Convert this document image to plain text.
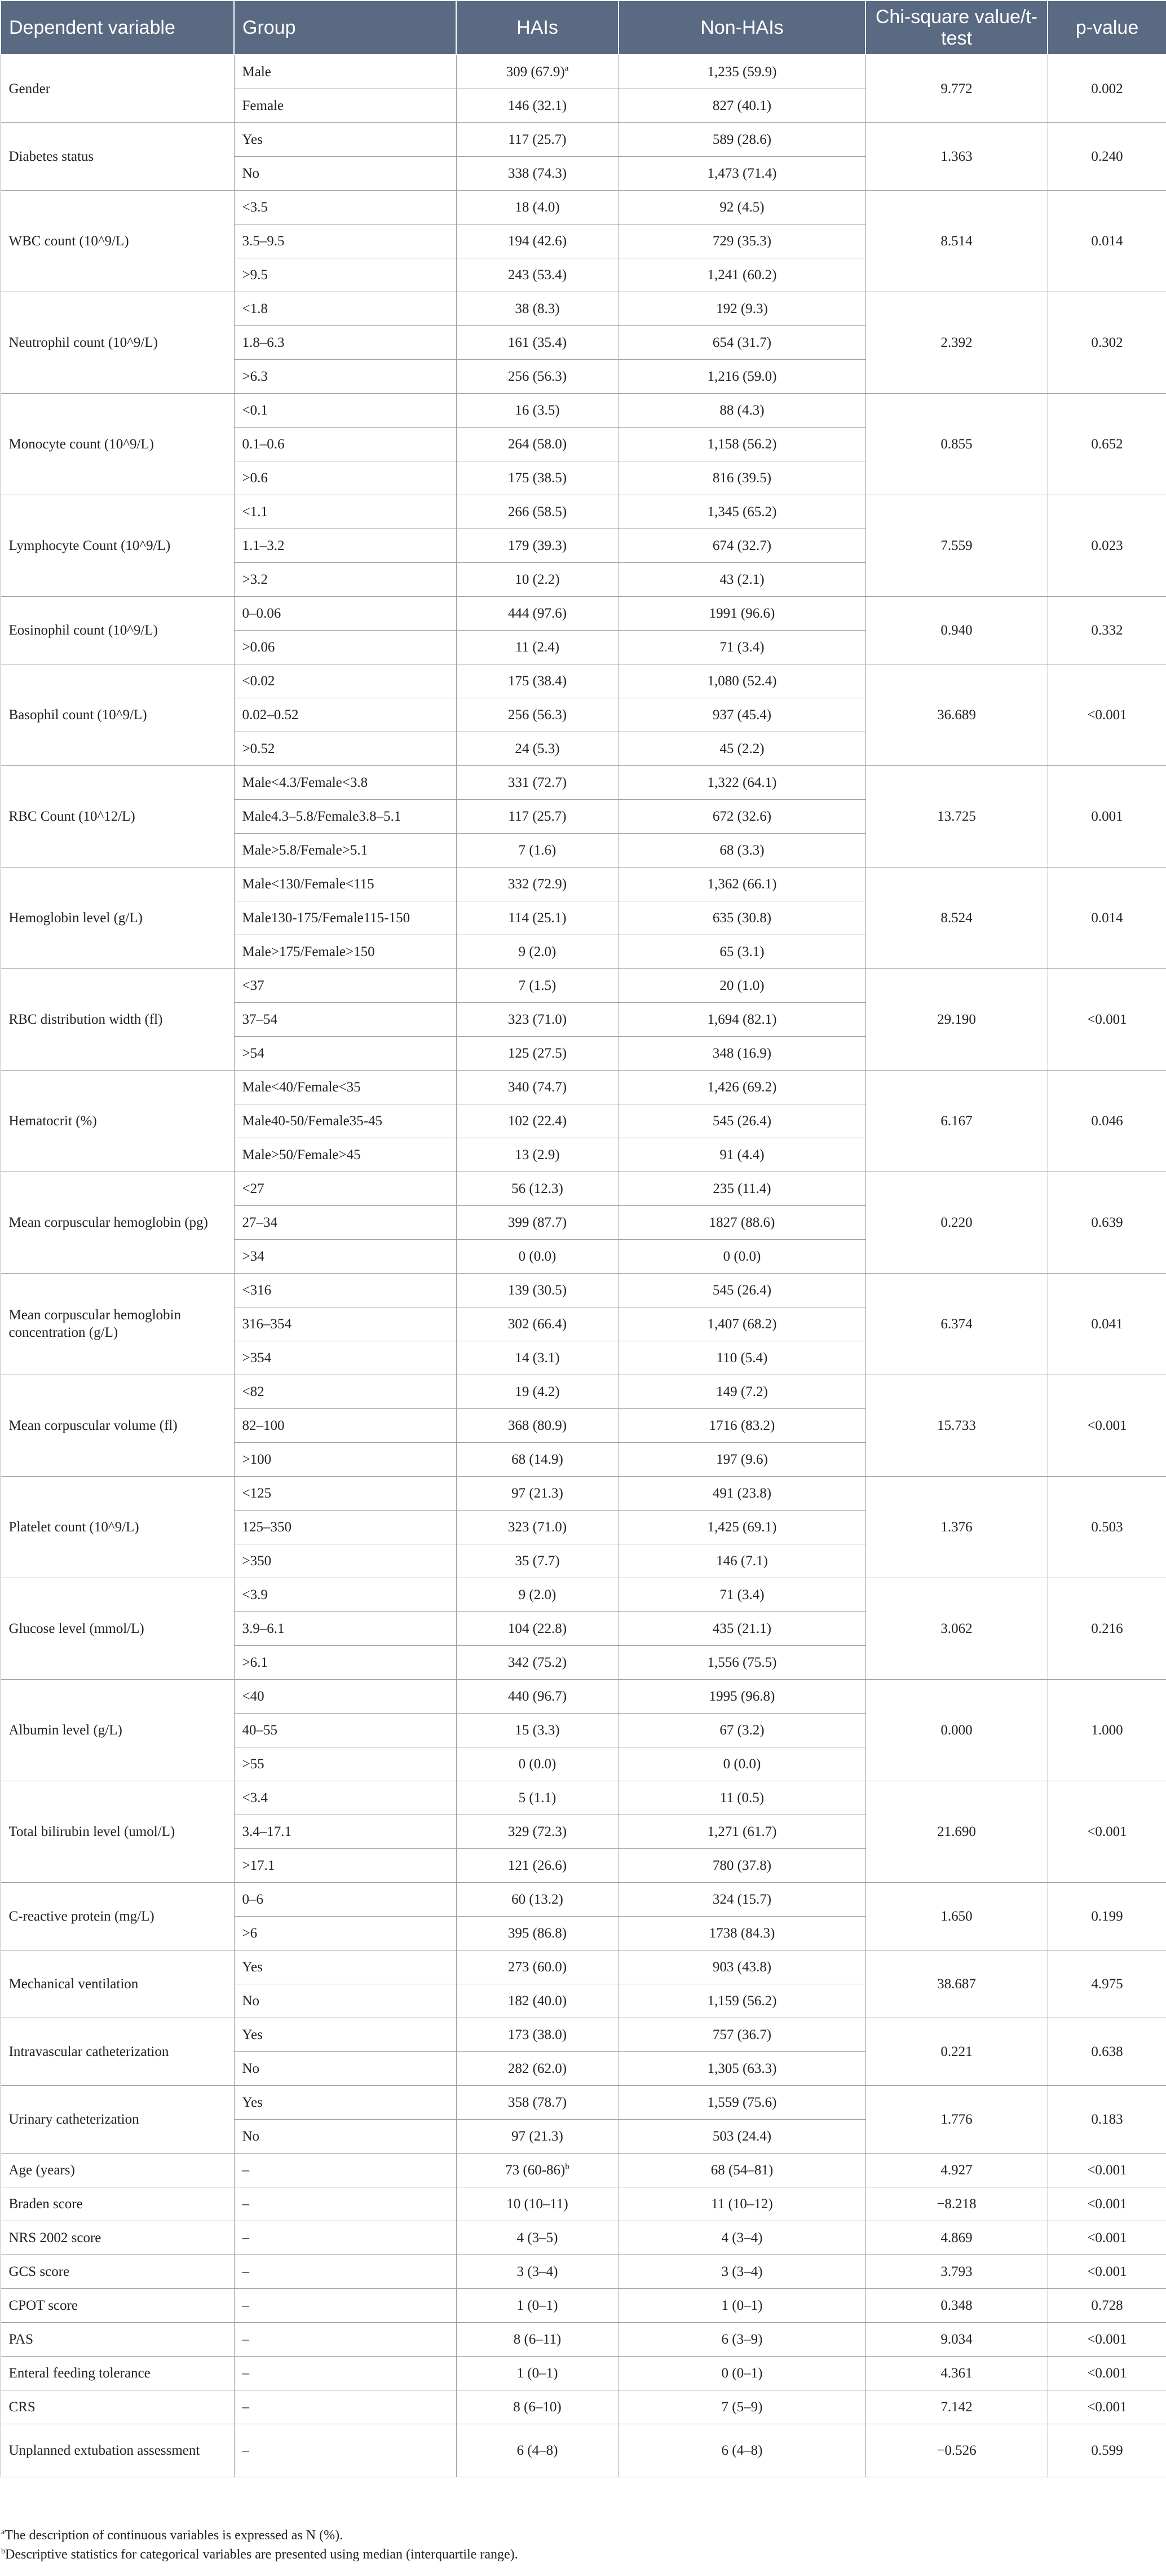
Dependent variable	Group	HAIs	Non-HAIs	Chi-square value/t-test	p-value
Gender	Male	309 $(67.9)^a$	1,235 (59.9)	9.772	0.002
	Female	146 (32.1)	827 (40.1)		
Diabetes status	Yes	117 (25.7)	589 (28.6)	1.363	0.240
	No	338 (74.3)	1,473 (71.4)		
WBC count (10^9/L)	<3.5	18 (4.0)	92 (4.5)	8.514	0.014
	3.5–9.5	194 (42.6)	729 (35.3)		
	>9.5	243 (53.4)	1,241 (60.2)		
Neutrophil count (10^9/L)	<1.8	38 (8.3)	192 (9.3)	2.392	0.302
	1.8–6.3	161 (35.4)	654 (31.7)		
	>6.3	256 (56.3)	1,216 (59.0)		
Monocyte count (10^9/L)	<0.1	16 (3.5)	88 (4.3)	0.855	0.652
	0.1–0.6	264 (58.0)	1,158 (56.2)		
	>0.6	175 (38.5)	816 (39.5)		
Lymphocyte Count (10^9/L)	<1.1	266 (58.5)	1,345 (65.2)	7.559	0.023
	1.1–3.2	179 (39.3)	674 (32.7)		
	>3.2	10 (2.2)	43 (2.1)		
Eosinophil count (10^9/L)	0–0.06	444 (97.6)	1991 (96.6)	0.940	0.332
	>0.06	11 (2.4)	71 (3.4)		
Basophil count (10^9/L)	<0.02	175 (38.4)	1,080 (52.4)	36.689	<0.001
	0.02–0.52	256 (56.3)	937 (45.4)		
	>0.52	24 (5.3)	45 (2.2)		
RBC Count (10^12/L)	Male<4.3/Female<3.8	331 (72.7)	1,322 (64.1)	13.725	0.001
	Male4.3–5.8/Female3.8–5.1	117 (25.7)	672 (32.6)		
	Male>5.8/Female>5.1	7 (1.6)	68 (3.3)		
Hemoglobin level (g/L)	Male<130/Female<115	332 (72.9)	1,362 (66.1)	8.524	0.014
	Male130-175/Female115-150	114 (25.1)	635 (30.8)		
	Male>175/Female>150	9 (2.0)	65 (3.1)		
RBC distribution width (fl)	<37	7 (1.5)	20 (1.0)	29.190	<0.001
	37–54	323 (71.0)	1,694 (82.1)		
	>54	125 (27.5)	348 (16.9)		
Hematocrit (%)	Male<40/Female<35	340 (74.7)	1,426 (69.2)	6.167	0.046
	Male40-50/Female35-45	102 (22.4)	545 (26.4)		
	Male>50/Female>45	13 (2.9)	91 (4.4)		
Mean corpuscular hemoglobin (pg)	<27	56 (12.3)	235 (11.4)	0.220	0.639
	27–34	399 (87.7)	1827 (88.6)		
	>34	0 (0.0)	0 (0.0)		
Mean corpuscular hemoglobin concentration (g/L)	<316	139 (30.5)	545 (26.4)	6.374	0.041
	316–354	302 (66.4)	1,407 (68.2)		
	>354	14 (3.1)	110 (5.4)		
Mean corpuscular volume (fl)	<82	19 (4.2)	149 (7.2)	15.733	<0.001
	82–100	368 (80.9)	1716 (83.2)		
	>100	68 (14.9)	197 (9.6)		
Platelet count (10^9/L)	<125	97 (21.3)	491 (23.8)	1.376	0.503
	125–350	323 (71.0)	1,425 (69.1)		
	>350	35 (7.7)	146 (7.1)		
Glucose level (mmol/L)	<3.9	9 (2.0)	71 (3.4)	3.062	0.216
	3.9–6.1	104 (22.8)	435 (21.1)		
	>6.1	342 (75.2)	1,556 (75.5)		
Albumin level (g/L)	<40	440 (96.7)	1995 (96.8)	0.000	1.000
	40–55	15 (3.3)	67 (3.2)		
	>55	0 (0.0)	0 (0.0)		
Total bilirubin level (umol/L)	<3.4	5 (1.1)	11 (0.5)	21.690	<0.001
	3.4–17.1	329 (72.3)	1,271 (61.7)		
	>17.1	121 (26.6)	780 (37.8)		
C-reactive protein (mg/L)	0–6	60 (13.2)	324 (15.7)	1.650	0.199
	>6	395 (86.8)	1738 (84.3)		
Mechanical ventilation	Yes	273 (60.0)	903 (43.8)	38.687	4.975
	No	182 (40.0)	1,159 (56.2)		
Intravascular catheterization	Yes	173 (38.0)	757 (36.7)	0.221	0.638
	No	282 (62.0)	1,305 (63.3)		
Urinary catheterization	Yes	358 (78.7)	1,559 (75.6)	1.776	0.183
	No	97 (21.3)	503 (24.4)		
Age (years)	–	73 $(60-86)^b$	68 (54–81)	4.927	<0.001
Braden score	–	10 (10–11)	11 (10–12)	−8.218	<0.001
NRS 2002 score	–	4 (3–5)	4 (3–4)	4.869	<0.001
GCS score	–	3 (3–4)	3 (3–4)	3.793	<0.001
CPOT score	–	1 (0–1)	1 (0–1)	0.348	0.728
PAS	–	8 (6–11)	6 (3–9)	9.034	<0.001
Enteral feeding tolerance	–	1 (0–1)	0 (0–1)	4.361	<0.001
CRS	–	8 (6–10)	7 (5–9)	7.142	<0.001
Unplanned extubation assessment	–	6 (4–8)	6 (4–8)	−0.526	0.599

$^a$The description of continuous variables is expressed as N (%).

$^b$Descriptive statistics for categorical variables are presented using median (interquartile range).
